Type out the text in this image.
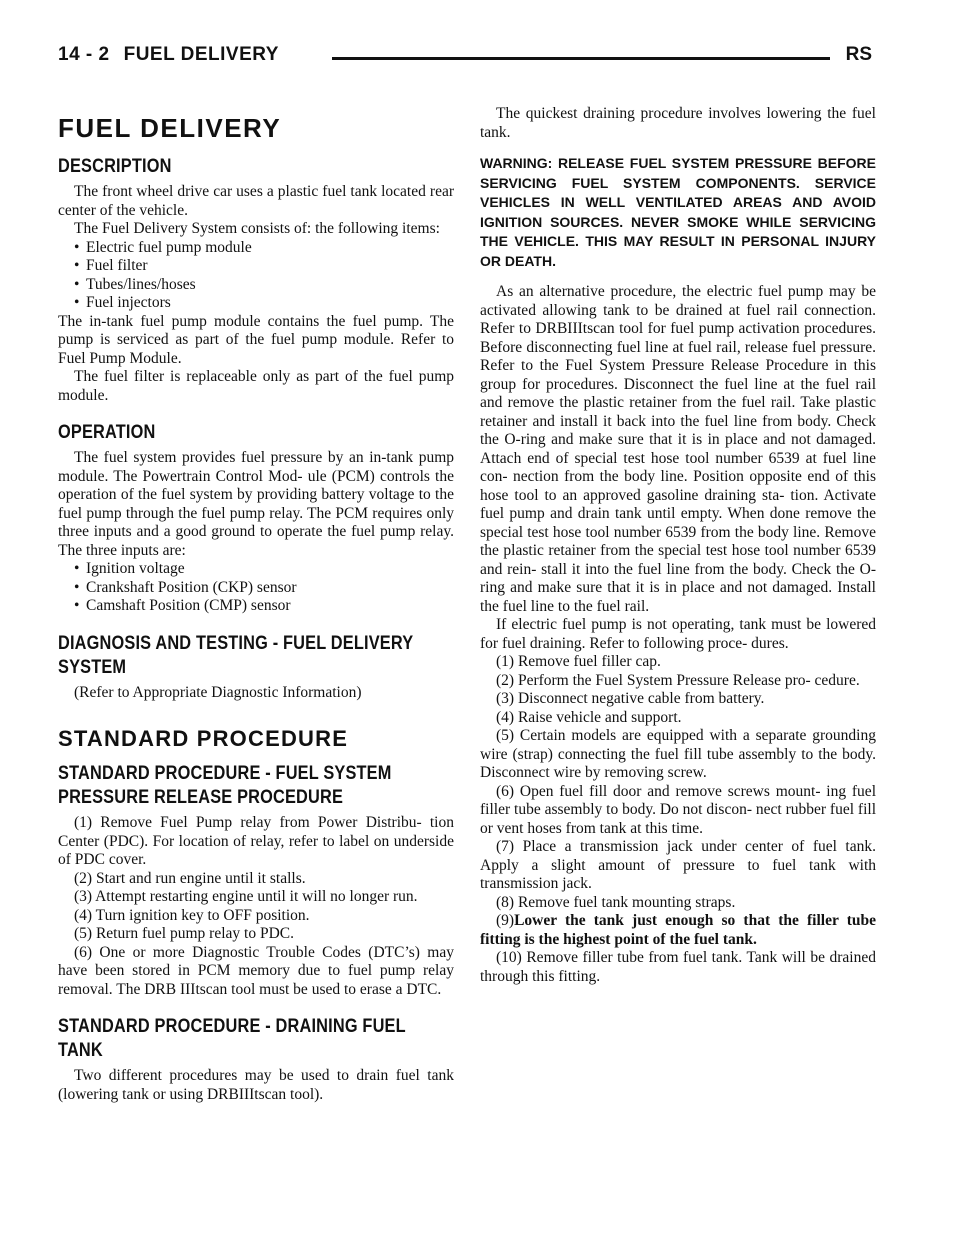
14 - 2 FUEL DELIVERY	RS
FUEL DELIVERY
DESCRIPTION

The front wheel drive car uses a plastic fuel tank located rear center of the vehicle.

The Fuel Delivery System consists of: the following items:

• Electric fuel pump module

• Fuel filter

• Tubes/lines/hoses

• Fuel injectors

The in-tank fuel pump module contains the fuel pump. The pump is serviced as part of the fuel pump module. Refer to Fuel Pump Module.

The fuel filter is replaceable only as part of the fuel pump module.

OPERATION

The fuel system provides fuel pressure by an in-tank pump module. The Powertrain Control Mod- ule (PCM) controls the operation of the fuel system by providing battery voltage to the fuel pump through the fuel pump relay. The PCM requires only three inputs and a good ground to operate the fuel pump relay. The three inputs are:

• Ignition voltage

• Crankshaft Position (CKP) sensor

• Camshaft Position (CMP) sensor

DIAGNOSIS AND TESTING - FUEL DELIVERY
SYSTEM

(Refer to Appropriate Diagnostic Information)

STANDARD PROCEDURE
STANDARD PROCEDURE - FUEL SYSTEM
PRESSURE RELEASE PROCEDURE

(1) Remove Fuel Pump relay from Power Distribu- tion Center (PDC). For location of relay, refer to label on underside of PDC cover.

(2) Start and run engine until it stalls.

(3) Attempt restarting engine until it will no longer run.

(4) Turn ignition key to OFF position.

(5) Return fuel pump relay to PDC.

(6) One or more Diagnostic Trouble Codes (DTC’s) may have been stored in PCM memory due to fuel pump relay removal. The DRB IIItscan tool must be used to erase a DTC.

STANDARD PROCEDURE - DRAINING FUEL
TANK

Two different procedures may be used to drain fuel tank (lowering tank or using DRBIIItscan tool).

The quickest draining procedure involves lowering the fuel tank.

WARNING: RELEASE FUEL SYSTEM PRESSURE BEFORE SERVICING FUEL SYSTEM COMPONENTS. SERVICE VEHICLES IN WELL VENTILATED AREAS AND AVOID IGNITION SOURCES. NEVER SMOKE WHILE SERVICING THE VEHICLE. THIS MAY RESULT IN PERSONAL INJURY OR DEATH.

As an alternative procedure, the electric fuel pump may be activated allowing tank to be drained at fuel rail connection. Refer to DRBIIItscan tool for fuel pump activation procedures. Before disconnecting fuel line at fuel rail, release fuel pressure. Refer to the Fuel System Pressure Release Procedure in this group for procedures. Disconnect the fuel line at the fuel rail and remove the plastic retainer from the fuel rail. Take plastic retainer and install it back into the fuel line from body. Check the O-ring and make sure that it is in place and not damaged. Attach end of special test hose tool number 6539 at fuel line con- nection from the body line. Position opposite end of this hose tool to an approved gasoline draining sta- tion. Activate fuel pump and drain tank until empty. When done remove the special test hose tool number 6539 from the body line. Remove the plastic retainer from the special test hose tool number 6539 and rein- stall it into the fuel line from the body. Check the O-ring and make sure that it is in place and not damaged. Install the fuel line to the fuel rail.

If electric fuel pump is not operating, tank must be lowered for fuel draining. Refer to following proce- dures.

(1) Remove fuel filler cap.

(2) Perform the Fuel System Pressure Release pro- cedure.

(3) Disconnect negative cable from battery.

(4) Raise vehicle and support.

(5) Certain models are equipped with a separate grounding wire (strap) connecting the fuel fill tube assembly to the body. Disconnect wire by removing screw.

(6) Open fuel fill door and remove screws mount- ing fuel filler tube assembly to body. Do not discon- nect rubber fuel fill or vent hoses from tank at this time.

(7) Place a transmission jack under center of fuel tank. Apply a slight amount of pressure to fuel tank with transmission jack.

(8) Remove fuel tank mounting straps.

(9)Lower the tank just enough so that the filler tube fitting is the highest point of the fuel tank.

(10) Remove filler tube from fuel tank. Tank will be drained through this fitting.
